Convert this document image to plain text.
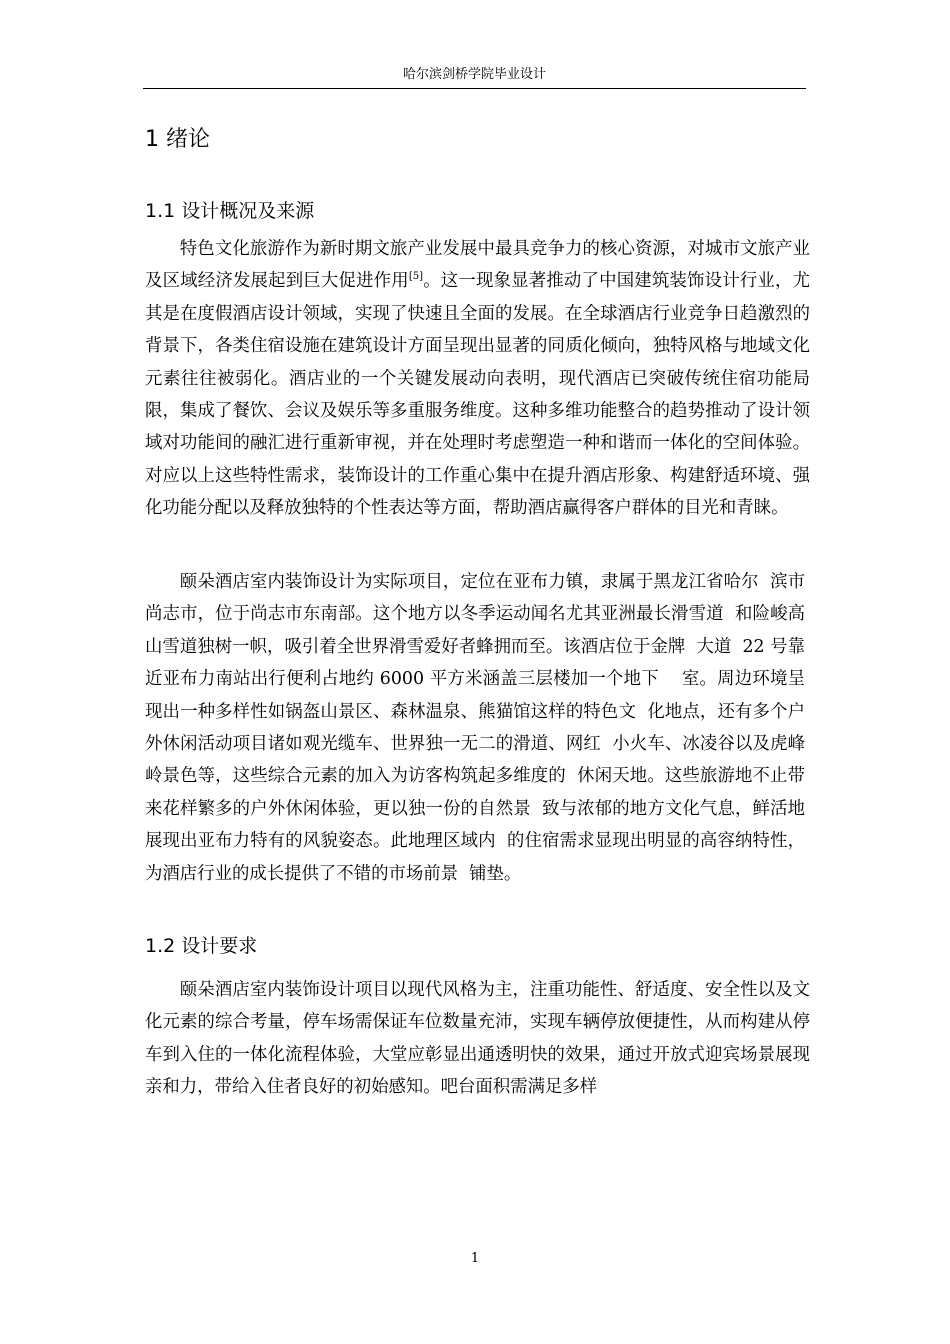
哈尔滨剑桥学院毕业设计
1 绪论
1.1 设计概况及来源

特色文化旅游作为新时期文旅产业发展中最具竞争力的核心资源，对城市文旅产业及区域经济发展起到巨大促进作用[5]。这一现象显著推动了中国建筑装饰设计行业，尤其是在度假酒店设计领域，实现了快速且全面的发展。在全球酒店行业竞争日趋激烈的背景下，各类住宿设施在建筑设计方面呈现出显著的同质化倾向，独特风格与地域文化元素往往被弱化。酒店业的一个关键发展动向表明，现代酒店已突破传统住宿功能局限，集成了餐饮、会议及娱乐等多重服务维度。这种多维功能整合的趋势推动了设计领域对功能间的融汇进行重新审视，并在处理时考虑塑造一种和谐而一体化的空间体验。对应以上这些特性需求，装饰设计的工作重心集中在提升酒店形象、构建舒适环境、强化功能分配以及释放独特的个性表达等方面，帮助酒店赢得客户群体的目光和青睐。

颐朵酒店室内装饰设计为实际项目，定位在亚布力镇，隶属于黑龙江省哈尔  滨市尚志市，位于尚志市东南部。这个地方以冬季运动闻名尤其亚洲最长滑雪道  和险峻高山雪道独树一帜，吸引着全世界滑雪爱好者蜂拥而至。该酒店位于金牌  大道  22 号靠近亚布力南站出行便利占地约 6000 平方米涵盖三层楼加一个地下    室。周边环境呈现出一种多样性如锅盔山景区、森林温泉、熊猫馆这样的特色文  化地点，还有多个户外休闲活动项目诸如观光缆车、世界独一无二的滑道、网红  小火车、冰凌谷以及虎峰岭景色等，这些综合元素的加入为访客构筑起多维度的  休闲天地。这些旅游地不止带来花样繁多的户外休闲体验，更以独一份的自然景  致与浓郁的地方文化气息，鲜活地展现出亚布力特有的风貌姿态。此地理区域内  的住宿需求显现出明显的高容纳特性，为酒店行业的成长提供了不错的市场前景  铺垫。

1.2 设计要求

颐朵酒店室内装饰设计项目以现代风格为主，注重功能性、舒适度、安全性以及文化元素的综合考量，停车场需保证车位数量充沛，实现车辆停放便捷性，从而构建从停车到入住的一体化流程体验，大堂应彰显出通透明快的效果，通过开放式迎宾场景展现亲和力，带给入住者良好的初始感知。吧台面积需满足多样

1
